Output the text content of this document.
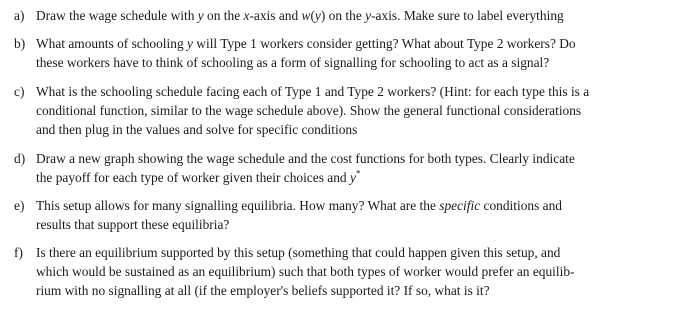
a) Draw the wage schedule with y on the x-axis and w(y) on the y-axis. Make sure to label everything
b) What amounts of schooling y will Type 1 workers consider getting? What about Type 2 workers? Do
these workers have to think of schooling as a form of signalling for schooling to act as a signal?
c) What is the schooling schedule facing each of Type 1 and Type 2 workers? (Hint: for each type this is a
conditional function, similar to the wage schedule above). Show the general functional considerations
and then plug in the values and solve for specific conditions
d) Draw a new graph showing the wage schedule and the cost functions for both types. Clearly indicate
the payoff for each type of worker given their choices and y*
e) This setup allows for many signalling equilibria. How many? What are the specific conditions and
results that support these equilibria?
f) Is there an equilibrium supported by this setup (something that could happen given this setup, and
which would be sustained as an equilibrium) such that both types of worker would prefer an equilib-
rium with no signalling at all (if the employer's beliefs supported it? If so, what is it?
